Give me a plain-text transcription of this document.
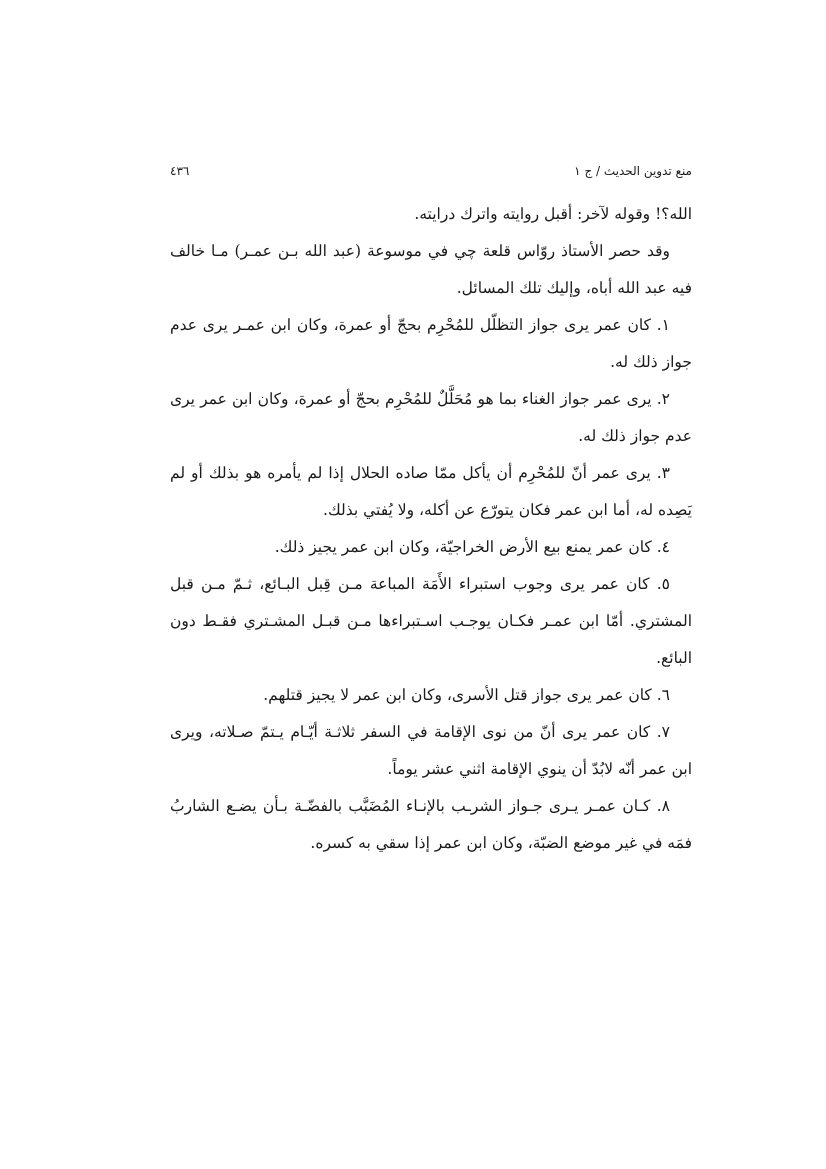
منع تدوين الحديث / ج ١
٤٣٦

الله؟! وقوله لآخر: أقبل روايته واترك درايته.

وقد حصر الأستاذ روّاس قلعة چي في موسوعة (عبد الله بـن عمـر) مـا خالف فيه عبد الله أباه، وإليك تلك المسائل.

١. كان عمر يرى جواز التظلّل للمُحْرِم بحجّ أو عمرة، وكان ابن عمـر يرى عدم جواز ذلك له.

٢. يرى عمر جواز الغناء بما هو مُحَلَّلٌ للمُحْرِم بحجّ أو عمرة، وكان ابن عمر يرى عدم جواز ذلك له.

٣. يرى عمر أنّ للمُحْرِم أن يأكل ممّا صاده الحلال إذا لم يأمره هو بذلك أو لم يَصِده له، أما ابن عمر فكان يتورّع عن أكله، ولا يُفتي بذلك.

٤. كان عمر يمنع بيع الأرض الخراجيّة، وكان ابن عمر يجيز ذلك.

٥. كان عمر يرى وجوب استبراء الأَمَة المباعة مـن قِبل البـائع، ثـمّ مـن قبل المشتري. أمّا ابن عمـر فكـان يوجـب اسـتبراءها مـن قبـل المشـتري فقـط دون البائع.

٦. كان عمر يرى جواز قتل الأسرى، وكان ابن عمر لا يجيز قتلهم.

٧. كان عمر يرى أنّ من نوى الإقامة في السفر ثلاثـة أيّـام يـتمّ صـلاته، ويرى ابن عمر أنّه لابُدّ أن ينوي الإقامة اثني عشر يوماً.

٨. كـان عمـر يـرى جـواز الشرـب بالإنـاء المُضَبَّب بالفضّـة بـأن يضـع الشاربُ فمَه في غير موضع الضبّة، وكان ابن عمر إذا سقي به كسره.
